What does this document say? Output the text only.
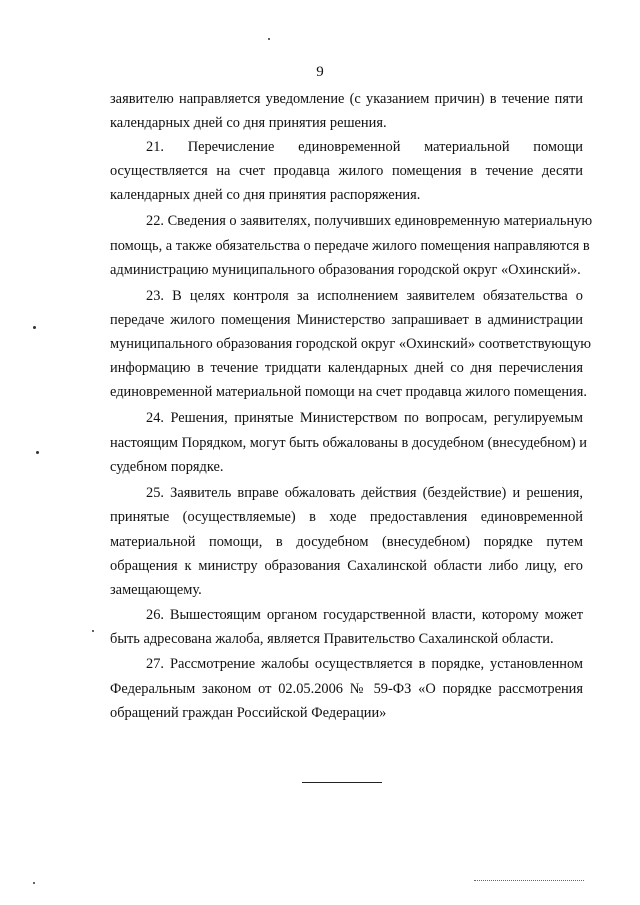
9
заявителю направляется уведомление (с указанием причин) в течение пяти
календарных дней со дня принятия решения.
21. Перечисление единовременной материальной помощи
осуществляется на счет продавца жилого помещения в течение десяти
календарных дней со дня принятия распоряжения.
22. Сведения о заявителях, получивших единовременную материальную
помощь, а также обязательства о передаче жилого помещения направляются в
администрацию муниципального образования городской округ «Охинский».
23. В целях контроля за исполнением заявителем обязательства о
передаче жилого помещения Министерство запрашивает в администрации
муниципального образования городской округ «Охинский» соответствующую
информацию в течение тридцати календарных дней со дня перечисления
единовременной материальной помощи на счет продавца жилого помещения.
24. Решения, принятые Министерством по вопросам, регулируемым
настоящим Порядком, могут быть обжалованы в досудебном (внесудебном) и
судебном порядке.
25. Заявитель вправе обжаловать действия (бездействие) и решения,
принятые (осуществляемые) в ходе предоставления единовременной
материальной помощи, в досудебном (внесудебном) порядке путем
обращения к министру образования Сахалинской области либо лицу, его
замещающему.
26. Вышестоящим органом государственной власти, которому может
быть адресована жалоба, является Правительство Сахалинской области.
27. Рассмотрение жалобы осуществляется в порядке, установленном
Федеральным законом от 02.05.2006 № 59-ФЗ «О порядке рассмотрения
обращений граждан Российской Федерации»
